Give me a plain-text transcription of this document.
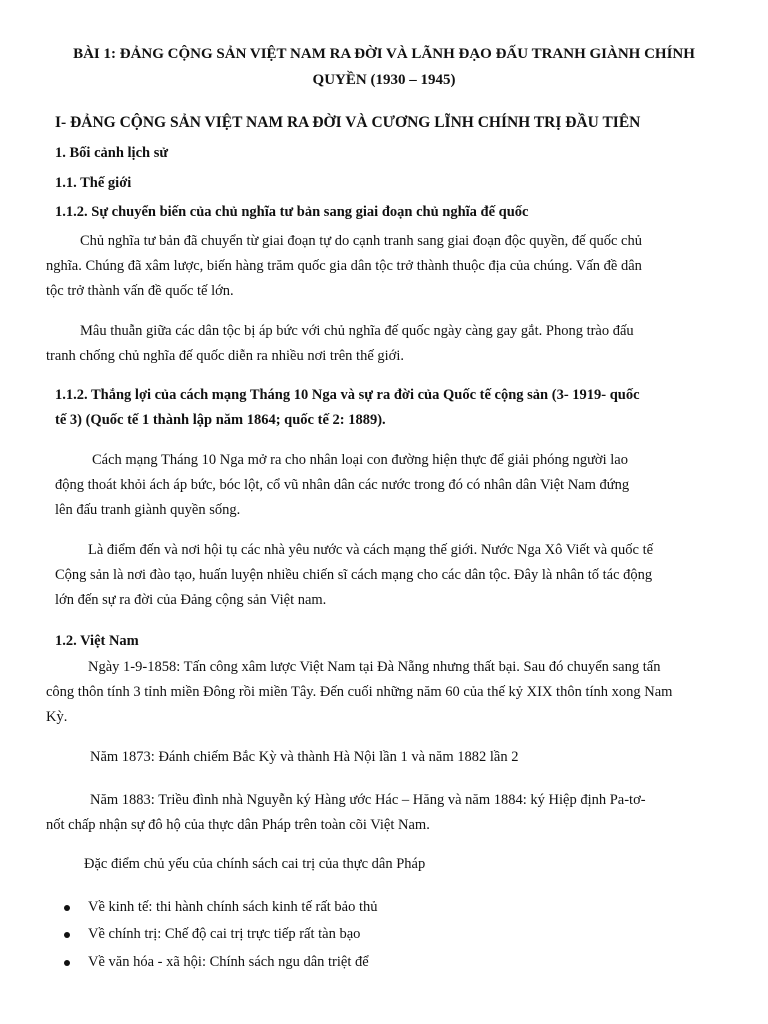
BÀI 1: ĐẢNG CỘNG SẢN VIỆT NAM RA ĐỜI VÀ LÃNH ĐẠO ĐẤU TRANH GIÀNH CHÍNH

QUYỀN (1930 – 1945)

I- ĐẢNG CỘNG SẢN VIỆT NAM RA ĐỜI VÀ CƯƠNG LĨNH CHÍNH TRỊ ĐẦU TIÊN

1. Bối cảnh lịch sử

1.1. Thế giới

1.1.2. Sự chuyển biến của chủ nghĩa tư bản sang giai đoạn chủ nghĩa đế quốc

Chủ nghĩa tư bản đã chuyển từ giai đoạn tự do cạnh tranh sang giai đoạn độc quyền, đế quốc chủ

nghĩa. Chúng đã xâm lược, biến hàng trăm quốc gia dân tộc trở thành thuộc địa của chúng. Vấn đề dân

tộc trở thành vấn đề quốc tế lớn.

Mâu thuẫn giữa các dân tộc bị áp bức với chủ nghĩa đế quốc ngày càng gay gắt. Phong trào đấu

tranh chống chủ nghĩa đế quốc diễn ra nhiều nơi trên thế giới.

1.1.2. Thắng lợi của cách mạng Tháng 10 Nga và sự ra đời của Quốc tế cộng sản (3- 1919- quốc

tế 3) (Quốc tế 1 thành lập năm 1864; quốc tế 2: 1889).

Cách mạng Tháng 10 Nga mở ra cho nhân loại con đường hiện thực để giải phóng người lao

động thoát khỏi ách áp bức, bóc lột, cổ vũ nhân dân các nước trong đó có nhân dân Việt Nam đứng

lên đấu tranh giành quyền sống.

Là điểm đến và nơi hội tụ các nhà yêu nước và cách mạng thế giới. Nước Nga Xô Viết và quốc tế

Cộng sản là nơi đào tạo, huấn luyện nhiều chiến sĩ cách mạng cho các dân tộc. Đây là nhân tố tác động

lớn đến sự ra đời của Đảng cộng sản Việt nam.

1.2. Việt Nam

Ngày 1-9-1858: Tấn công xâm lược Việt Nam tại Đà Nẵng nhưng thất bại. Sau đó chuyển sang tấn

công thôn tính 3 tỉnh miền Đông rồi miền Tây. Đến cuối những năm 60 của thế kỷ XIX thôn tính xong Nam

Kỳ.

Năm 1873: Đánh chiếm Bắc Kỳ và thành Hà Nội lần 1 và năm 1882 lần 2

Năm 1883: Triều đình nhà Nguyễn ký Hàng ước Hác – Hăng và năm 1884: ký Hiệp định Pa-tơ-

nốt chấp nhận sự đô hộ của thực dân Pháp trên toàn cõi Việt Nam.

Đặc điểm chủ yếu của chính sách cai trị của thực dân Pháp

Về kinh tế: thi hành chính sách kinh tế rất bảo thủ

Về chính trị: Chế độ cai trị trực tiếp rất tàn bạo

Về văn hóa - xã hội: Chính sách ngu dân triệt để
